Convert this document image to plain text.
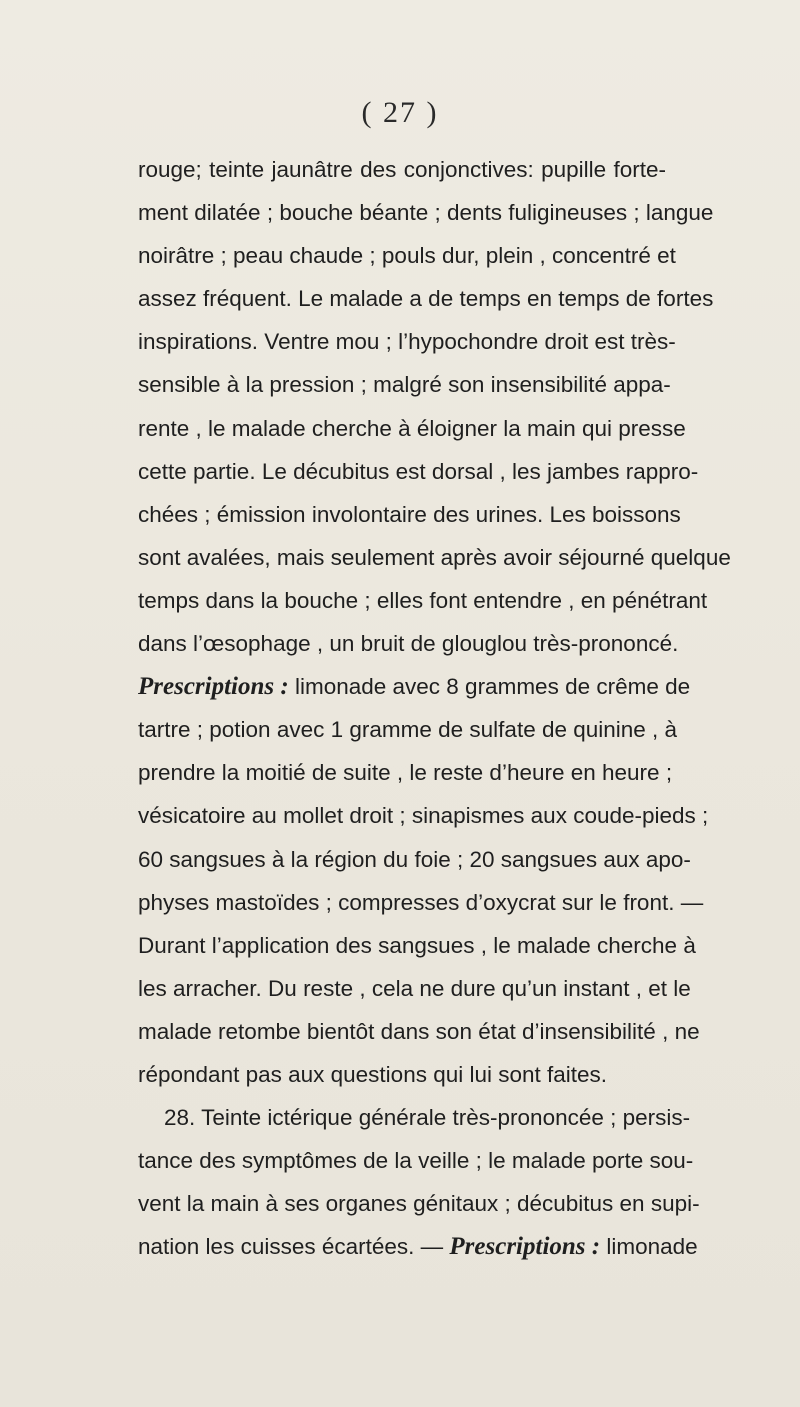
( 27 )
rouge; teinte jaunâtre des conjonctives: pupille forte-
ment dilatée ; bouche béante ; dents fuligineuses ; langue
noirâtre ; peau chaude ; pouls dur, plein , concentré et
assez fréquent. Le malade a de temps en temps de fortes
inspirations. Ventre mou ; l’hypochondre droit est très-
sensible à la pression ; malgré son insensibilité appa-
rente , le malade cherche à éloigner la main qui presse
cette partie. Le décubitus est dorsal , les jambes rappro-
chées ; émission involontaire des urines. Les boissons
sont avalées, mais seulement après avoir séjourné quelque
temps dans la bouche ; elles font entendre , en pénétrant
dans l’œsophage , un bruit de glouglou très-prononcé.
Prescriptions : limonade avec 8 grammes de crême de
tartre ; potion avec 1 gramme de sulfate de quinine , à
prendre la moitié de suite , le reste d’heure en heure ;
vésicatoire au mollet droit ; sinapismes aux coude-pieds ;
60 sangsues à la région du foie ; 20 sangsues aux apo-
physes mastoïdes ; compresses d’oxycrat sur le front. —
Durant l’application des sangsues , le malade cherche à
les arracher. Du reste , cela ne dure qu’un instant , et le
malade retombe bientôt dans son état d’insensibilité , ne
répondant pas aux questions qui lui sont faites.
28. Teinte ictérique générale très-prononcée ; persis-
tance des symptômes de la veille ; le malade porte sou-
vent la main à ses organes génitaux ; décubitus en supi-
nation les cuisses écartées. — Prescriptions : limonade
